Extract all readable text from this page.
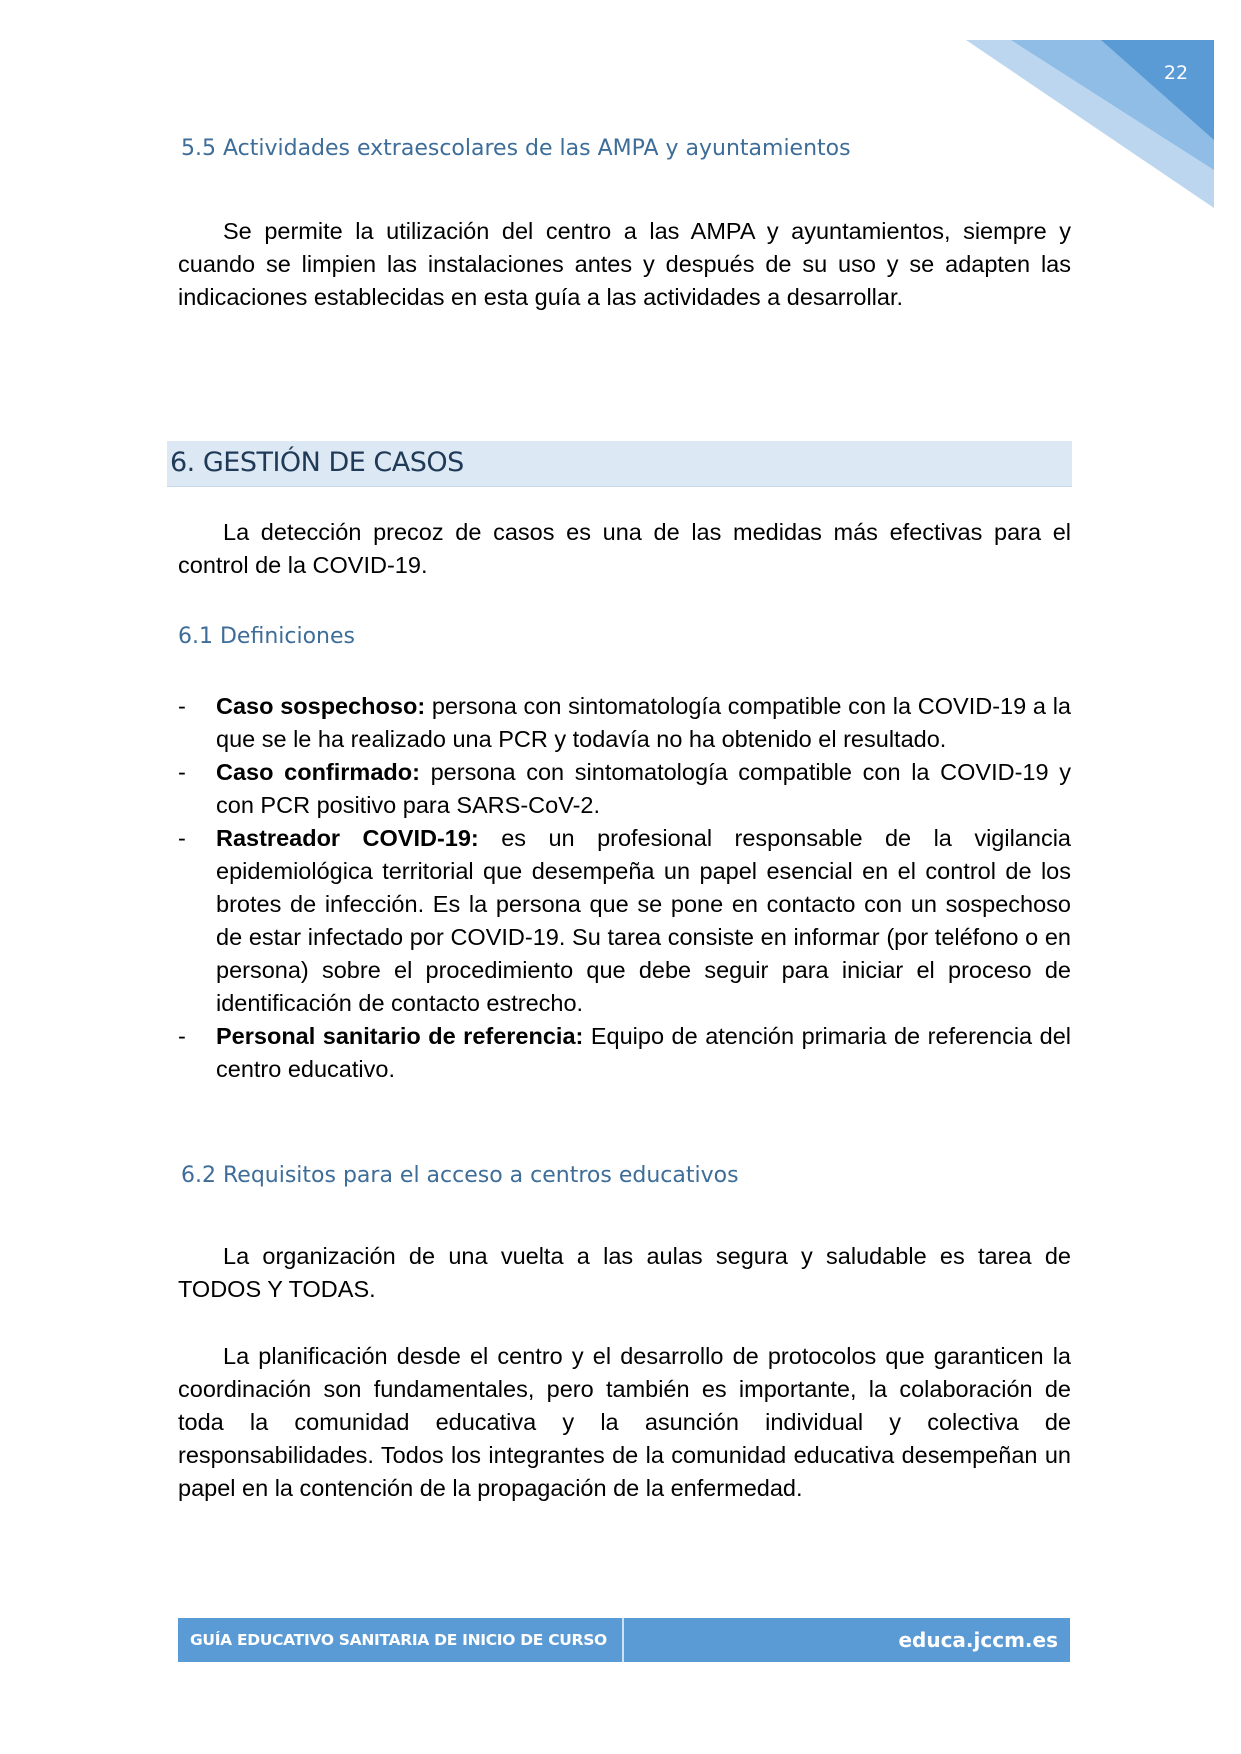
22
5.5 Actividades extraescolares de las AMPA y ayuntamientos

Se permite la utilización del centro a las AMPA y ayuntamientos, siempre y cuando se limpien las instalaciones antes y después de su uso y se adapten las indicaciones establecidas en esta guía a las actividades a desarrollar.

6. GESTIÓN DE CASOS

La detección precoz de casos es una de las medidas más efectivas para el control de la COVID-19.

6.1 Definiciones
- Caso sospechoso: persona con sintomatología compatible con la COVID-19 a la que se le ha realizado una PCR y todavía no ha obtenido el resultado.
- Caso confirmado: persona con sintomatología compatible con la COVID-19 y con PCR positivo para SARS-CoV-2.
- Rastreador COVID-19: es un profesional responsable de la vigilancia epidemiológica territorial que desempeña un papel esencial en el control de los brotes de infección. Es la persona que se pone en contacto con un sospechoso de estar infectado por COVID-19. Su tarea consiste en informar (por teléfono o en persona) sobre el procedimiento que debe seguir para iniciar el proceso de identificación de contacto estrecho.
- Personal sanitario de referencia: Equipo de atención primaria de referencia del centro educativo.
6.2 Requisitos para el acceso a centros educativos

La organización de una vuelta a las aulas segura y saludable es tarea de TODOS Y TODAS.

La planificación desde el centro y el desarrollo de protocolos que garanticen la coordinación son fundamentales, pero también es importante, la colaboración de toda la comunidad educativa y la asunción individual y colectiva de responsabilidades. Todos los integrantes de la comunidad educativa desempeñan un papel en la contención de la propagación de la enfermedad.

GUÍA EDUCATIVO SANITARIA DE INICIO DE CURSO	educa.jccm.es
